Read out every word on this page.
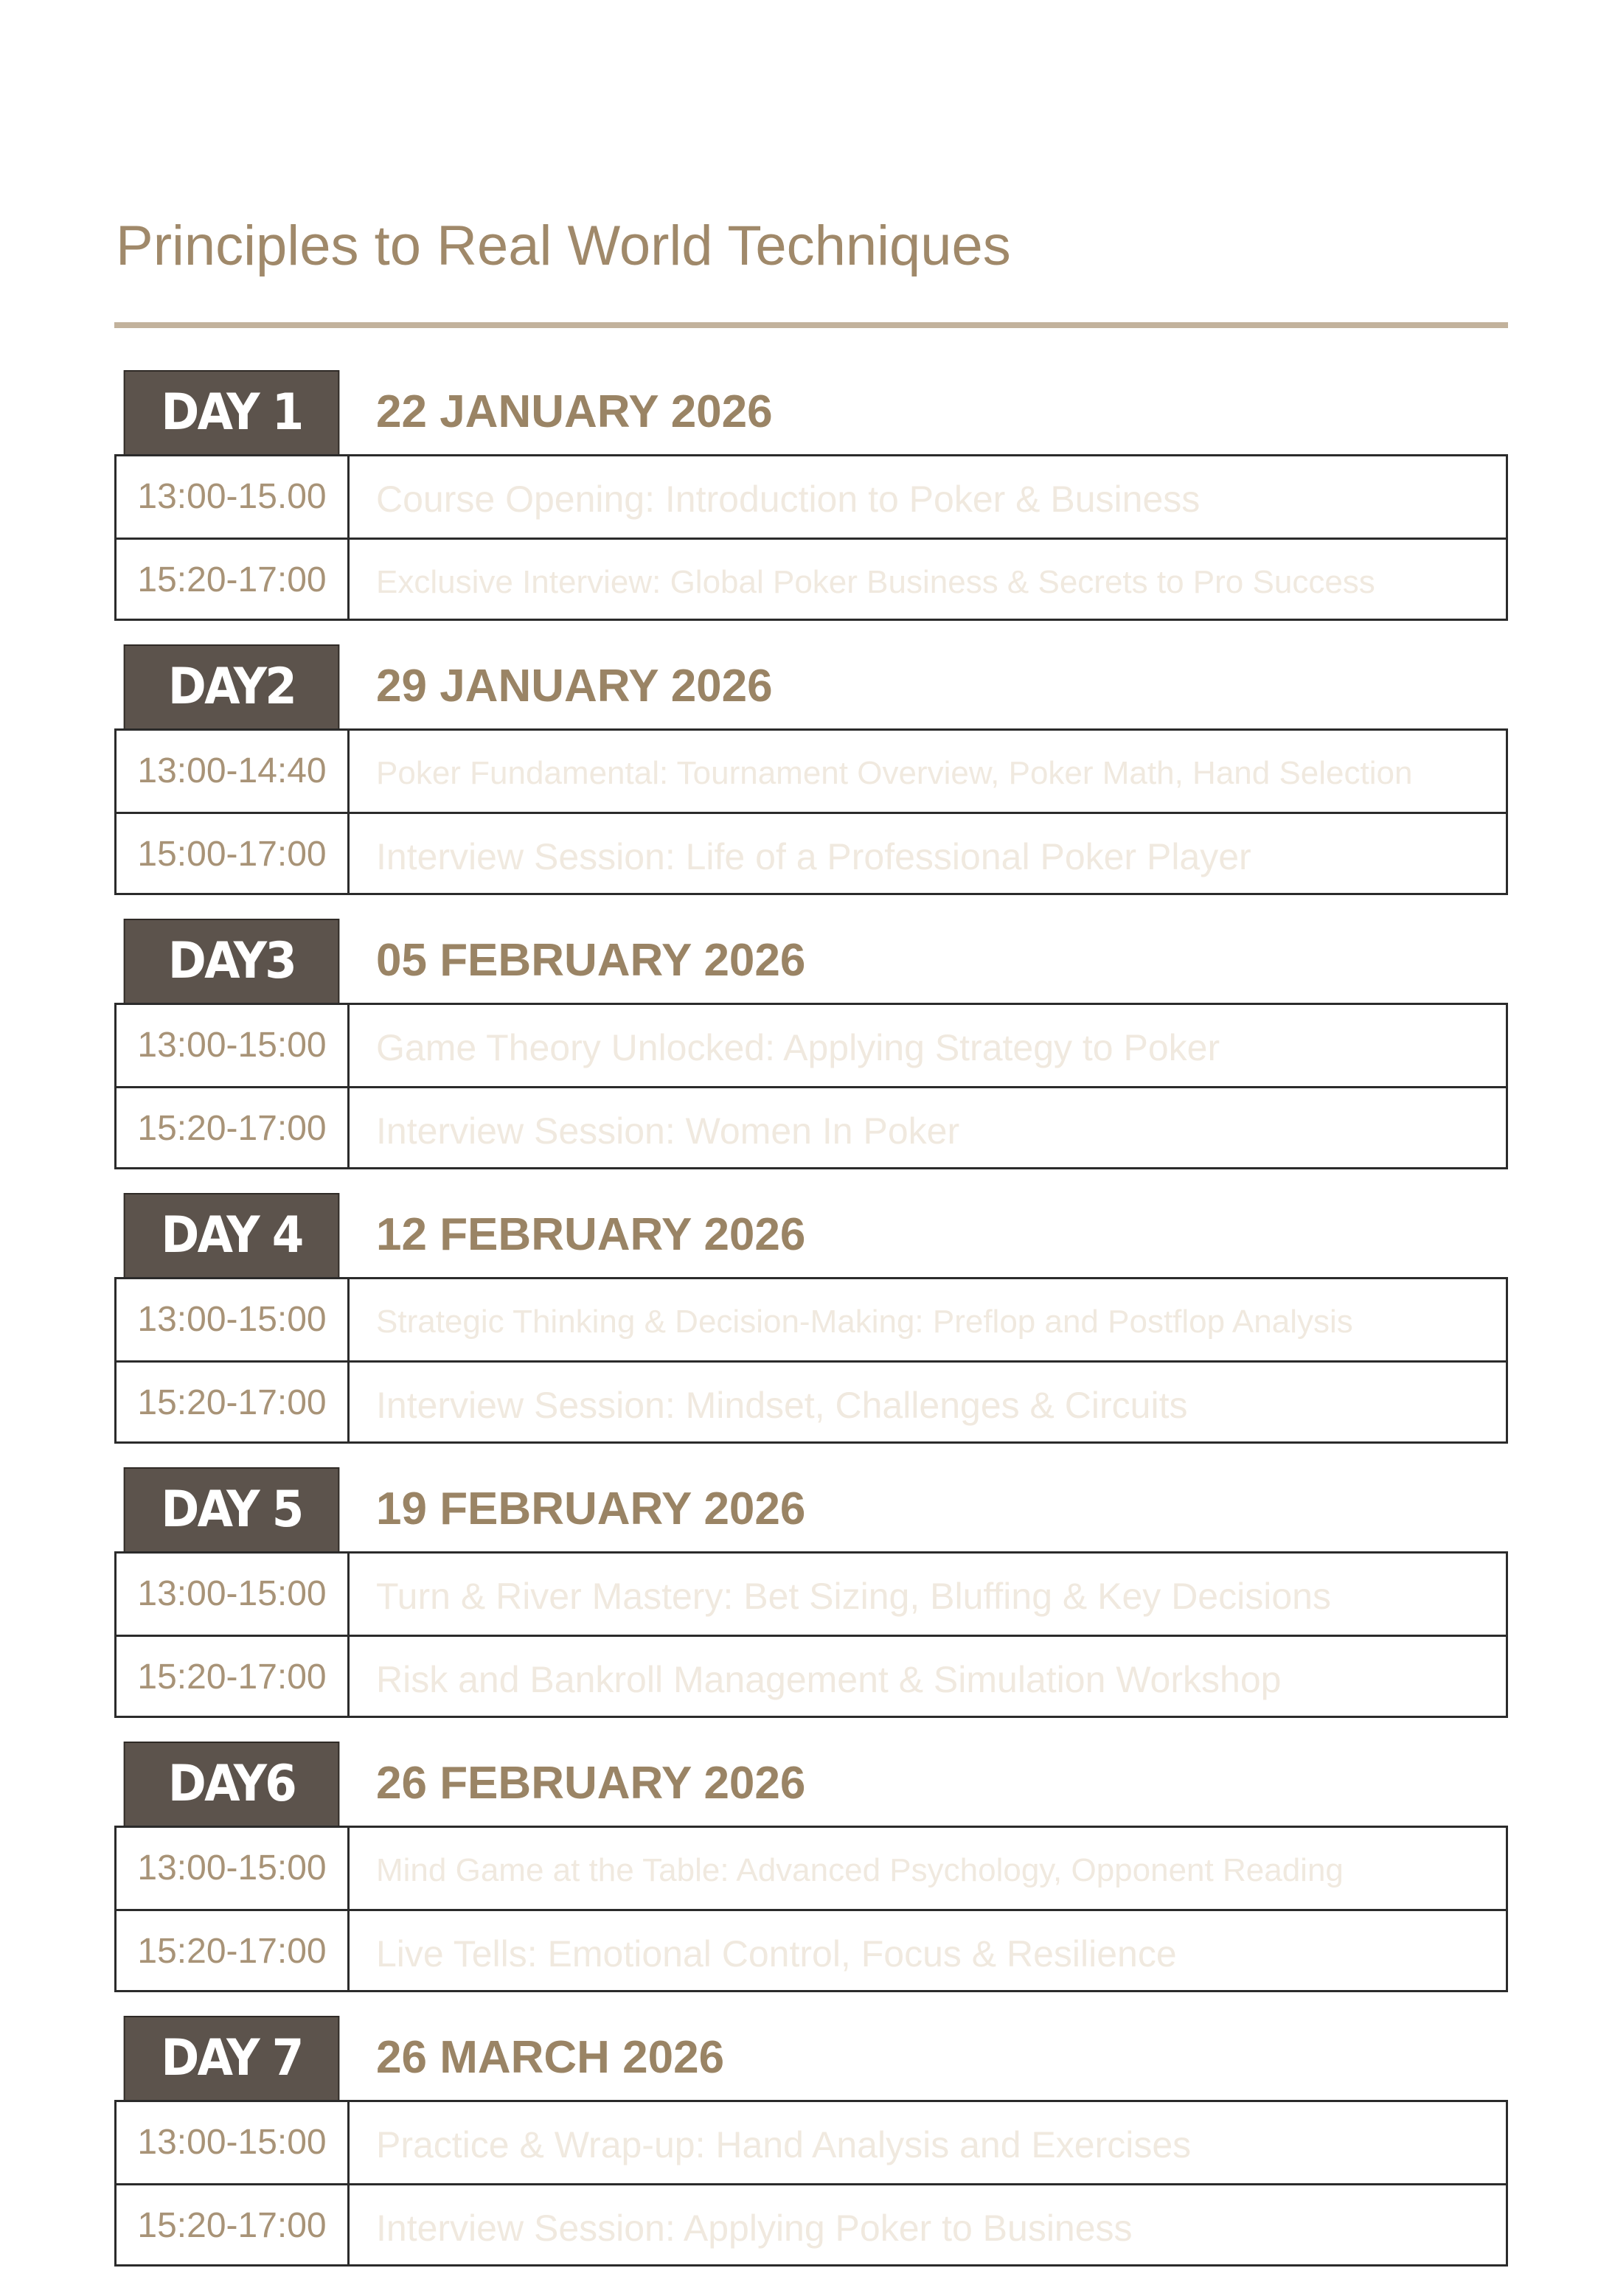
Principles to Real World Techniques
DAY 1	22 JANUARY 2026
13:00-15.00	Course Opening: Introduction to Poker & Business
15:20-17:00	Exclusive Interview: Global Poker Business & Secrets to Pro Success
DAY2	29 JANUARY 2026
13:00-14:40	Poker Fundamental: Tournament Overview, Poker Math, Hand Selection
15:00-17:00	Interview Session: Life of a Professional Poker Player
DAY3	05 FEBRUARY 2026
13:00-15:00	Game Theory Unlocked: Applying Strategy to Poker
15:20-17:00	Interview Session: Women In Poker
DAY 4	12 FEBRUARY 2026
13:00-15:00	Strategic Thinking & Decision-Making: Preflop and Postflop Analysis
15:20-17:00	Interview Session: Mindset, Challenges & Circuits
DAY 5	19 FEBRUARY 2026
13:00-15:00	Turn & River Mastery: Bet Sizing, Bluffing & Key Decisions
15:20-17:00	Risk and Bankroll Management & Simulation Workshop
DAY6	26 FEBRUARY 2026
13:00-15:00	Mind Game at the Table: Advanced Psychology, Opponent Reading
15:20-17:00	Live Tells: Emotional Control, Focus & Resilience
DAY 7	26 MARCH 2026
13:00-15:00	Practice & Wrap-up: Hand Analysis and Exercises
15:20-17:00	Interview Session: Applying Poker to Business
